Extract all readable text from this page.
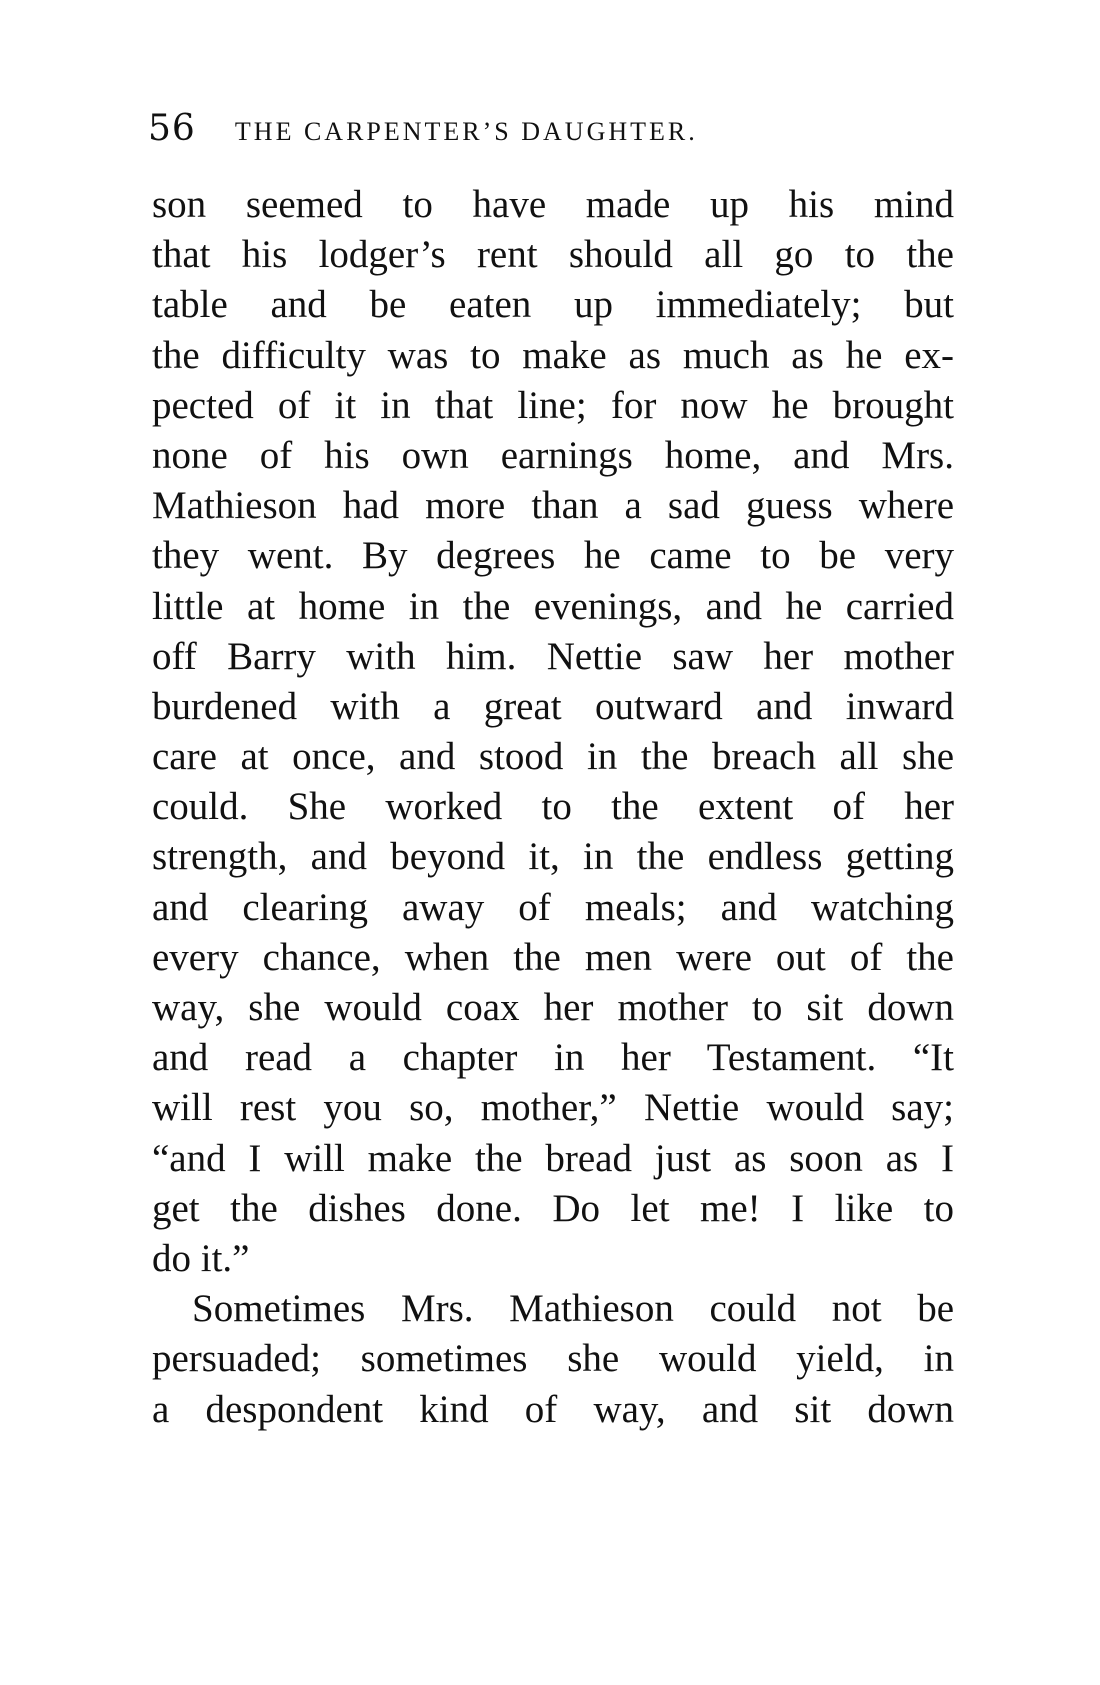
56 THE CARPENTER’S DAUGHTER.
son seemed to have made up his mind
that his lodger’s rent should all go to the
table and be eaten up immediately; but
the difficulty was to make as much as he ex-
pected of it in that line; for now he brought
none of his own earnings home, and Mrs.
Mathieson had more than a sad guess where
they went. By degrees he came to be very
little at home in the evenings, and he carried
off Barry with him. Nettie saw her mother
burdened with a great outward and inward
care at once, and stood in the breach all she
could. She worked to the extent of her
strength, and beyond it, in the endless getting
and clearing away of meals; and watching
every chance, when the men were out of the
way, she would coax her mother to sit down
and read a chapter in her Testament. “It
will rest you so, mother,” Nettie would say;
“and I will make the bread just as soon as I
get the dishes done. Do let me! I like to
do it.”
Sometimes Mrs. Mathieson could not be
persuaded; sometimes she would yield, in
a despondent kind of way, and sit down
